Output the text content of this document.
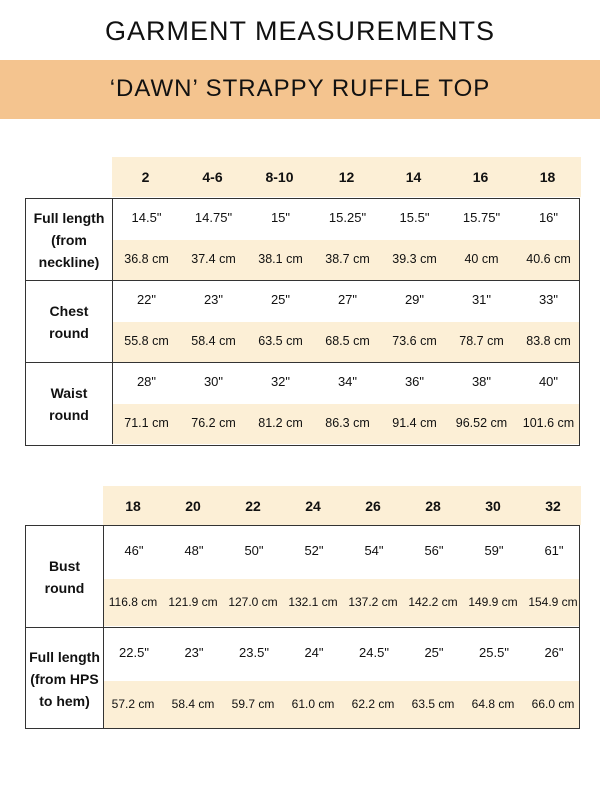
GARMENT MEASUREMENTS
‘DAWN’ STRAPPY RUFFLE TOP
2	4-6	8-10	12	14	16	18
Full length
(from
neckline)
14.5"	14.75"	15"	15.25"	15.5"	15.75"	16"
36.8 cm	37.4 cm	38.1 cm	38.7 cm	39.3 cm	40 cm	40.6 cm
Chest
round
22"	23"	25"	27"	29"	31"	33"
55.8 cm	58.4 cm	63.5 cm	68.5 cm	73.6 cm	78.7 cm	83.8 cm
Waist
round
28"	30"	32"	34"	36"	38"	40"
71.1 cm	76.2 cm	81.2 cm	86.3 cm	91.4 cm	96.52 cm	101.6 cm
18	20	22	24	26	28	30	32
Bust
round
46"	48"	50"	52"	54"	56"	59"	61"
116.8 cm 121.9 cm 127.0 cm 132.1 cm 137.2 cm 142.2 cm 149.9 cm 154.9 cm
Full length
(from HPS
to hem)
22.5"	23"	23.5"	24"	24.5"	25"	25.5"	26"
57.2 cm	58.4 cm	59.7 cm	61.0 cm	62.2 cm	63.5 cm	64.8 cm	66.0 cm
